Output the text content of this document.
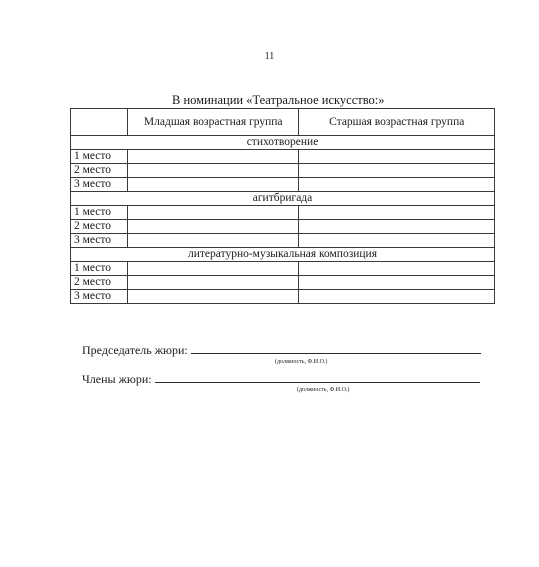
11
В номинации «Театральное искусство:»
	Младшая возрастная группа	Старшая возрастная группа
стихотворение		
1 место		
2 место		
3 место		
агитбригада		
1 место		
2 место		
3 место		
литературно-музыкальная композиция		
1 место		
2 место		
3 место		
Председатель жюри:
(должность, Ф.И.О.)
Члены жюри:
(должность, Ф.И.О.)
